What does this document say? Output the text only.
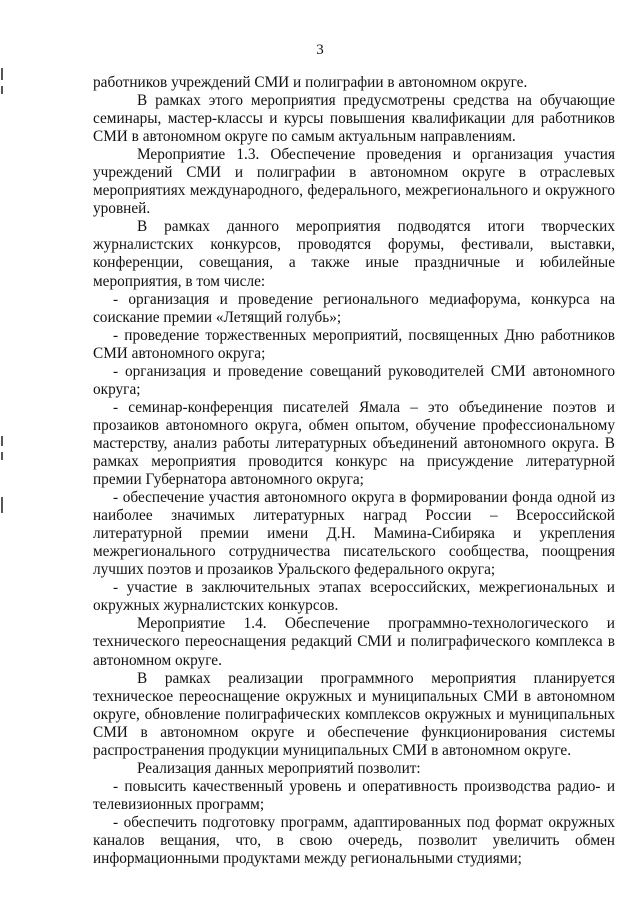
3

работников учреждений СМИ и полиграфии в автономном округе.

В рамках этого мероприятия предусмотрены средства на обучающие семинары, мастер-классы и курсы повышения квалификации для работников СМИ в автономном округе по самым актуальным направлениям.

Мероприятие 1.3. Обеспечение проведения и организация участия учреждений СМИ и полиграфии в автономном округе в отраслевых мероприятиях международного, федерального, межрегионального и окружного уровней.

В рамках данного мероприятия подводятся итоги творческих журналистских конкурсов, проводятся форумы, фестивали, выставки, конференции, совещания, а также иные праздничные и юбилейные мероприятия, в том числе:

- организация и проведение регионального медиафорума, конкурса на соискание премии «Летящий голубь»;

- проведение торжественных мероприятий, посвященных Дню работников СМИ автономного округа;

- организация и проведение совещаний руководителей СМИ автономного округа;

- семинар-конференция писателей Ямала – это объединение поэтов и прозаиков автономного округа, обмен опытом, обучение профессиональному мастерству, анализ работы литературных объединений автономного округа. В рамках мероприятия проводится конкурс на присуждение литературной премии Губернатора автономного округа;

- обеспечение участия автономного округа в формировании фонда одной из наиболее значимых литературных наград России – Всероссийской литературной премии имени Д.Н. Мамина-Сибиряка и укрепления межрегионального сотрудничества писательского сообщества, поощрения лучших поэтов и прозаиков Уральского федерального округа;

- участие в заключительных этапах всероссийских, межрегиональных и окружных журналистских конкурсов.

Мероприятие 1.4. Обеспечение программно-технологического и технического переоснащения редакций СМИ и полиграфического комплекса в автономном округе.

В рамках реализации программного мероприятия планируется техническое переоснащение окружных и муниципальных СМИ в автономном округе, обновление полиграфических комплексов окружных и муниципальных СМИ в автономном округе и обеспечение функционирования системы распространения продукции муниципальных СМИ в автономном округе.

Реализация данных мероприятий позволит:

- повысить качественный уровень и оперативность производства радио- и телевизионных программ;

- обеспечить подготовку программ, адаптированных под формат окружных каналов вещания, что, в свою очередь, позволит увеличить обмен информационными продуктами между региональными студиями;
